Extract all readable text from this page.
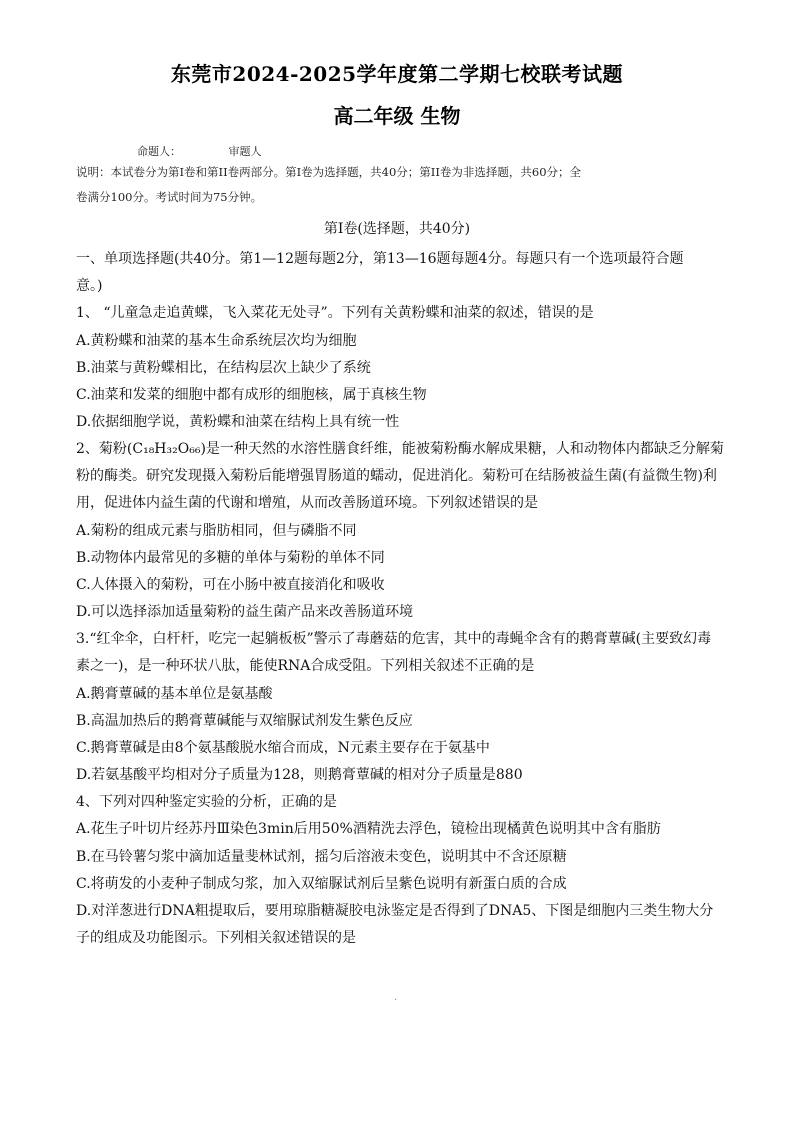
东莞市2024-2025学年度第二学期七校联考试题
高二年级 生物
命题人：	审题人
说明：本试卷分为第I卷和第II卷两部分。第I卷为选择题，共40分；第II卷为非选择题，共60分；全
卷满分100分。考试时间为75分钟。
第I卷(选择题，共40分)
一、单项选择题(共40分。第1—12题每题2分，第13—16题每题4分。每题只有一个选项最符合题
意。)
1、 “儿童急走追黄蝶，飞入菜花无处寻”。下列有关黄粉蝶和油菜的叙述，错误的是
A.黄粉蝶和油菜的基本生命系统层次均为细胞
B.油菜与黄粉蝶相比，在结构层次上缺少了系统
C.油菜和发菜的细胞中都有成形的细胞核，属于真核生物
D.依据细胞学说，黄粉蝶和油菜在结构上具有统一性
2、菊粉(C₁₈H₃₂O₆₆)是一种天然的水溶性膳食纤维，能被菊粉酶水解成果糖，人和动物体内都缺乏分解菊
粉的酶类。研究发现摄入菊粉后能增强胃肠道的蠕动，促进消化。菊粉可在结肠被益生菌(有益微生物)利
用，促进体内益生菌的代谢和增殖，从而改善肠道环境。下列叙述错误的是
A.菊粉的组成元素与脂肪相同，但与磷脂不同
B.动物体内最常见的多糖的单体与菊粉的单体不同
C.人体摄入的菊粉，可在小肠中被直接消化和吸收
D.可以选择添加适量菊粉的益生菌产品来改善肠道环境
3.“红伞伞，白杆杆，吃完一起躺板板”警示了毒蘑菇的危害，其中的毒蝇伞含有的鹅膏蕈碱(主要致幻毒
素之一)，是一种环状八肽，能使RNA合成受阻。下列相关叙述不正确的是
A.鹅膏蕈碱的基本单位是氨基酸
B.高温加热后的鹅膏蕈碱能与双缩脲试剂发生紫色反应
C.鹅膏蕈碱是由8个氨基酸脱水缩合而成，N元素主要存在于氨基中
D.若氨基酸平均相对分子质量为128，则鹅膏蕈碱的相对分子质量是880
4、下列对四种鉴定实验的分析，正确的是
A.花生子叶切片经苏丹Ⅲ染色3min后用50%酒精洗去浮色，镜检出现橘黄色说明其中含有脂肪
B.在马铃薯匀浆中滴加适量斐林试剂，摇匀后溶液未变色，说明其中不含还原糖
C.将萌发的小麦种子制成匀浆，加入双缩脲试剂后呈紫色说明有新蛋白质的合成
D.对洋葱进行DNA粗提取后，要用琼脂糖凝胶电泳鉴定是否得到了DNA5、下图是细胞内三类生物大分
子的组成及功能图示。下列相关叙述错误的是
.
